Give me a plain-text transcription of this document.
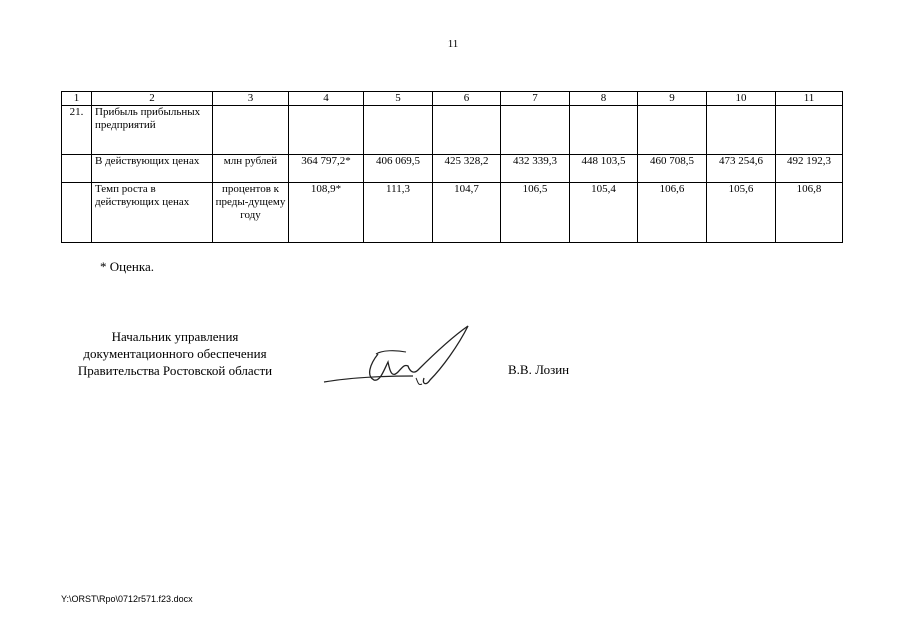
11
1	2	3	4	5	6	7	8	9	10	11
21.	Прибыль прибыльных предприятий									
	В действующих ценах	млн рублей	364 797,2*	406 069,5	425 328,2	432 339,3	448 103,5	460 708,5	473 254,6	492 192,3
	Темп роста в действующих ценах	процентов к преды-дущему году	108,9*	111,3	104,7	106,5	105,4	106,6	105,6	106,8
* Оценка.
Начальник управления
документационного обеспечения
Правительства Ростовской области	В.В. Лозин
Y:\ORST\Rpo\0712r571.f23.docx
